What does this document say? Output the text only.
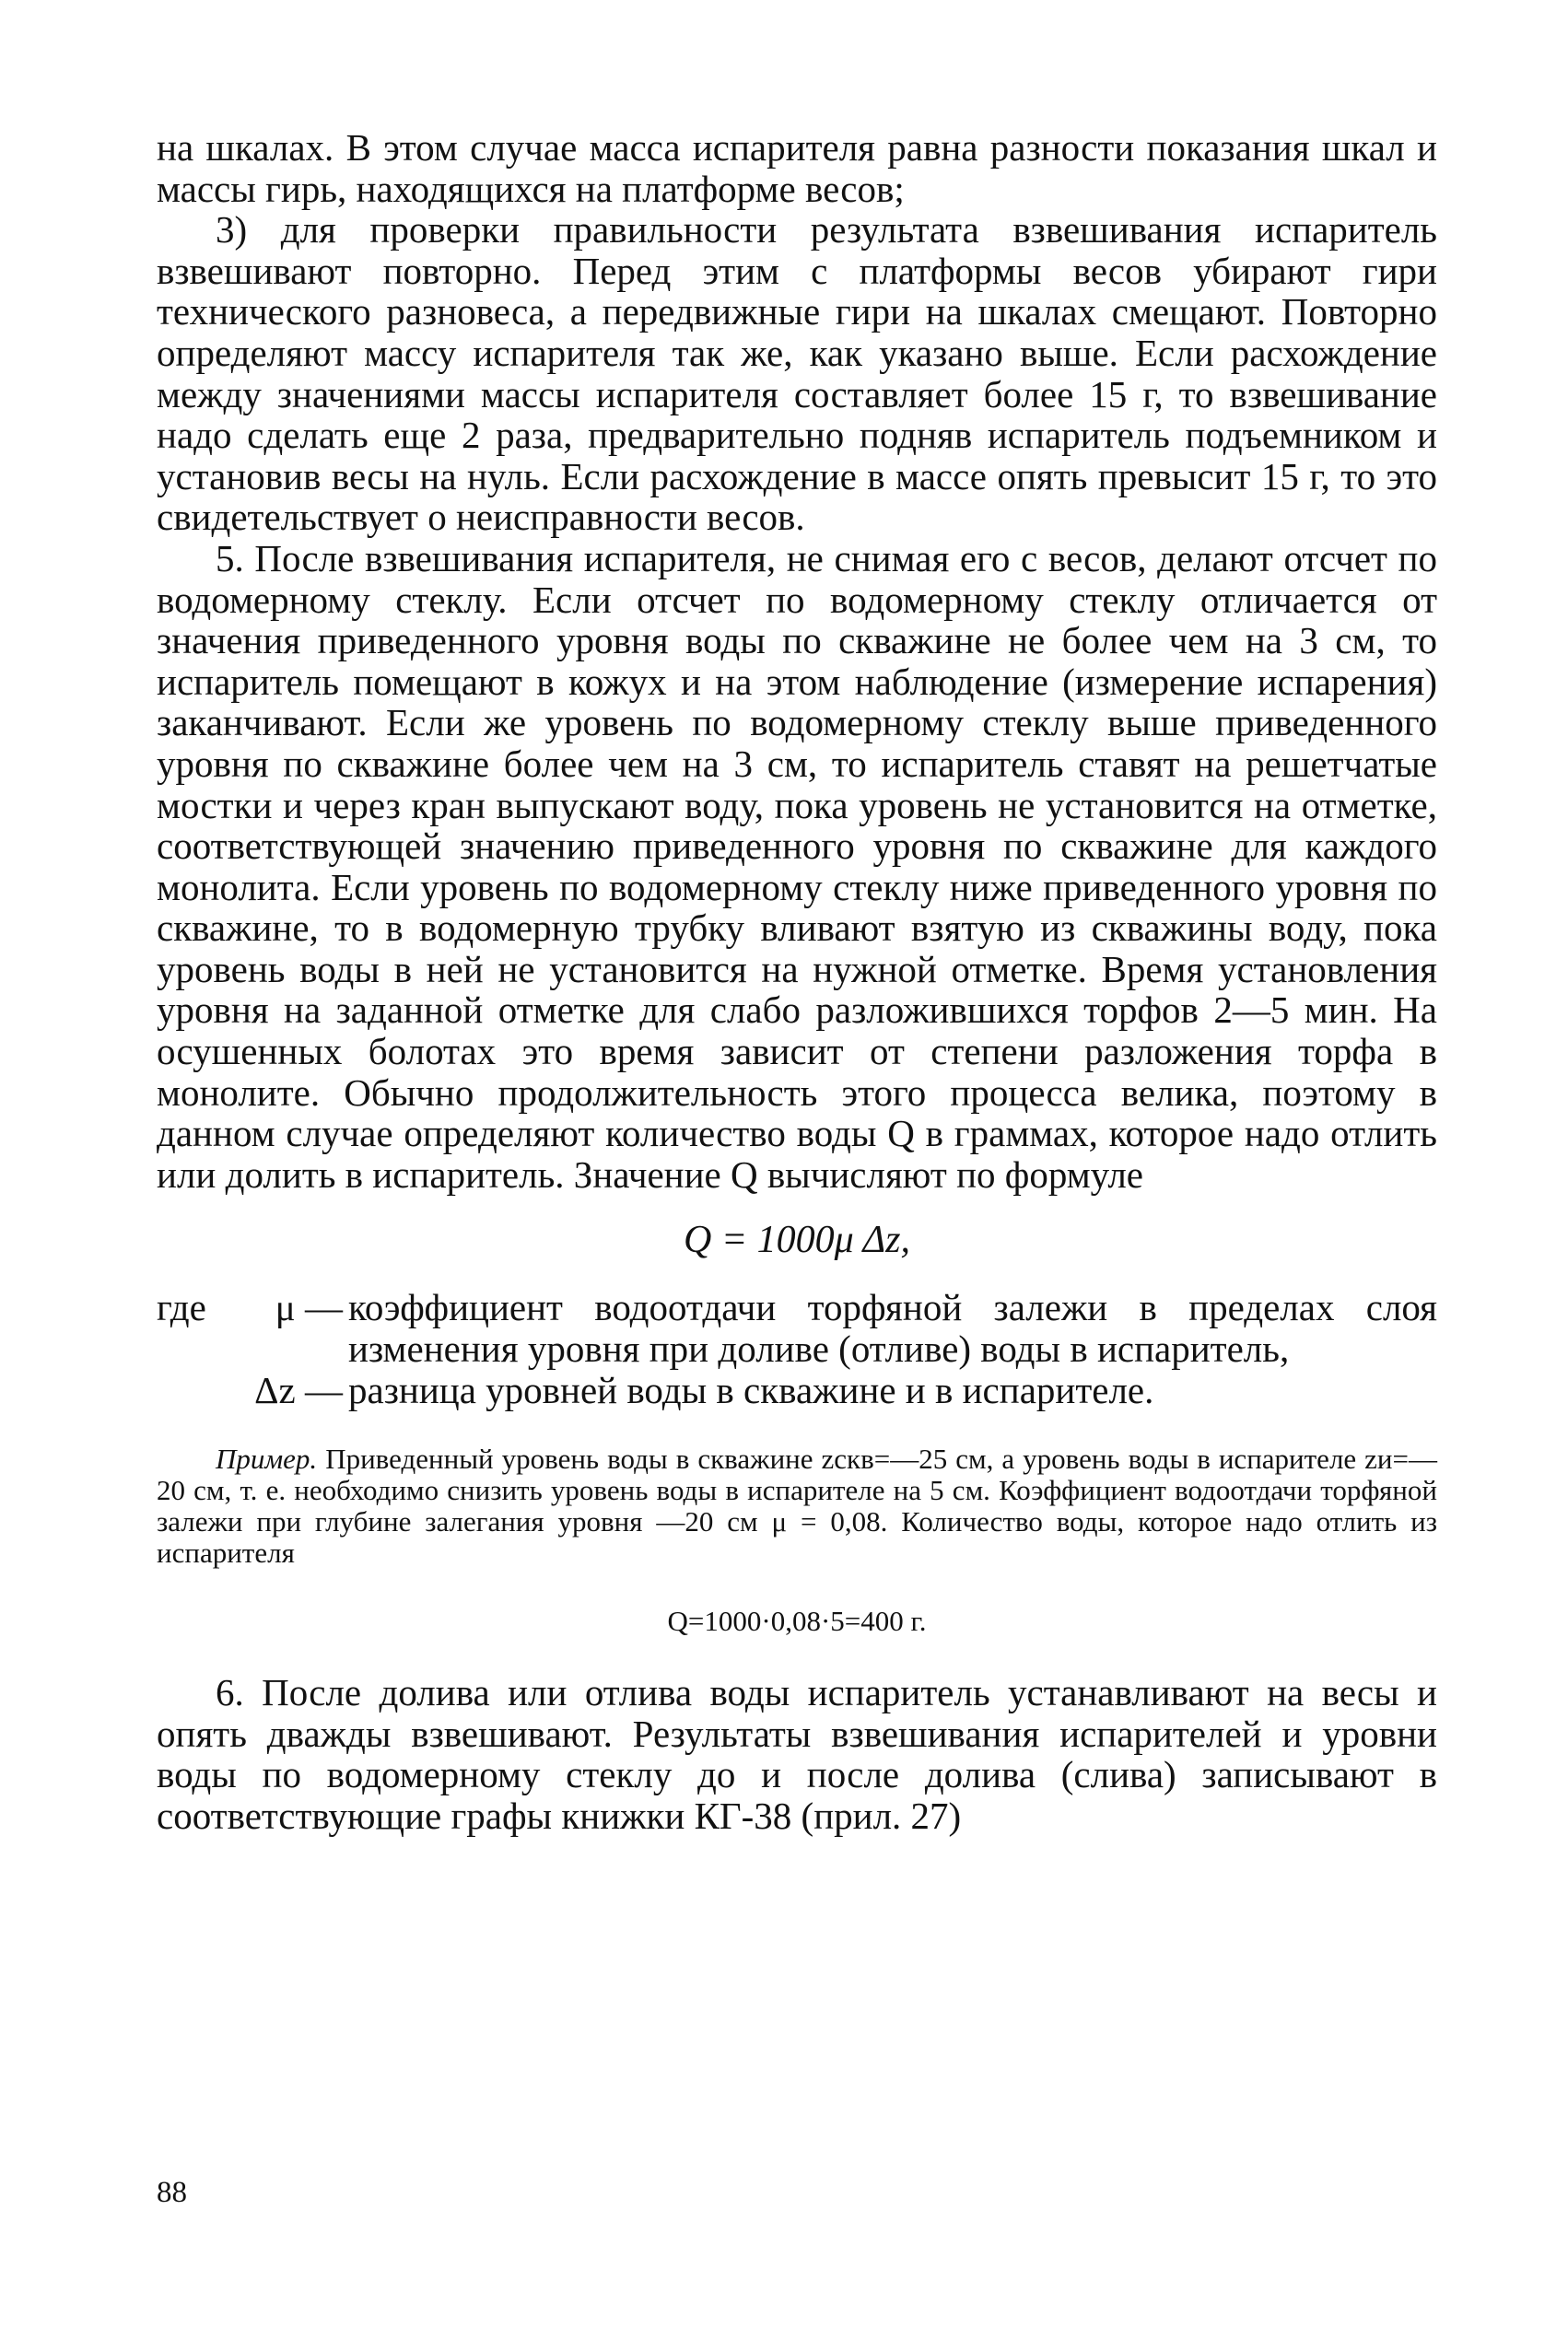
на шкалах. В этом случае масса испарителя равна разности показания шкал и массы гирь, находящихся на платформе весов;

3) для проверки правильности результата взвешивания испаритель взвешивают повторно. Перед этим с платформы весов убирают гири технического разновеса, а передвижные гири на шкалах смещают. Повторно определяют массу испарителя так же, как указано выше. Если расхождение между значениями массы испарителя составляет более 15 г, то взвешивание надо сделать еще 2 раза, предварительно подняв испаритель подъемником и установив весы на нуль. Если расхождение в массе опять превысит 15 г, то это свидетельствует о неисправности весов.

5. После взвешивания испарителя, не снимая его с весов, делают отсчет по водомерному стеклу. Если отсчет по водомерному стеклу отличается от значения приведенного уровня воды по скважине не более чем на 3 см, то испаритель помещают в кожух и на этом наблюдение (измерение испарения) заканчивают. Если же уровень по водомерному стеклу выше приведенного уровня по скважине более чем на 3 см, то испаритель ставят на решетчатые мостки и через кран выпускают воду, пока уровень не установится на отметке, соответствующей значению приведенного уровня по скважине для каждого монолита. Если уровень по водомерному стеклу ниже приведенного уровня по скважине, то в водомерную трубку вливают взятую из скважины воду, пока уровень воды в ней не установится на нужной отметке. Время установления уровня на заданной отметке для слабо разложившихся торфов 2—5 мин. На осушенных болотах это время зависит от степени разложения торфа в монолите. Обычно продолжительность этого процесса велика, поэтому в данном случае определяют количество воды Q в граммах, которое надо отлить или долить в испаритель. Значение Q вычисляют по формуле

Q = 1000μ Δz,
где	μ — коэффициент водоотдачи торфяной залежи в пределах слоя изменения уровня при доливе (отливе) воды в испаритель,
Δz — разница уровней воды в скважине и в испарителе.

Пример. Приведенный уровень воды в скважине zскв=—25 см, а уровень воды в испарителе zи=—20 см, т. е. необходимо снизить уровень воды в испарителе на 5 см. Коэффициент водоотдачи торфяной залежи при глубине залегания уровня —20 см μ = 0,08. Количество воды, которое надо отлить из испарителя

Q=1000·0,08·5=400 г.

6. После долива или отлива воды испаритель устанавливают на весы и опять дважды взвешивают. Результаты взвешивания испарителей и уровни воды по водомерному стеклу до и после долива (слива) записывают в соответствующие графы книжки КГ-38 (прил. 27)

88
